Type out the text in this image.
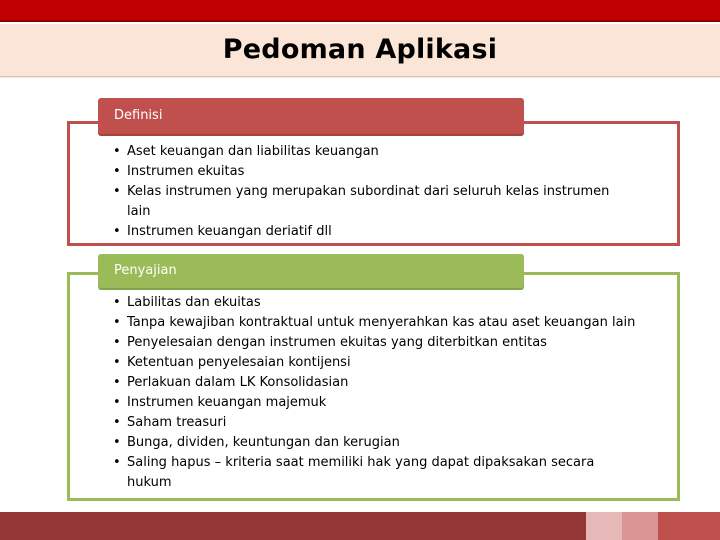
Pedoman Aplikasi
Definisi
• Aset keuangan dan liabilitas keuangan
• Instrumen ekuitas
• Kelas instrumen yang merupakan subordinat dari seluruh kelas instrumen lain
• Instrumen keuangan deriatif dll
Penyajian
• Labilitas dan ekuitas
• Tanpa kewajiban kontraktual untuk menyerahkan kas atau aset keuangan lain
• Penyelesaian dengan instrumen ekuitas yang diterbitkan entitas
• Ketentuan penyelesaian kontijensi
• Perlakuan dalam LK Konsolidasian
• Instrumen keuangan majemuk
• Saham treasuri
• Bunga, dividen, keuntungan dan kerugian
• Saling hapus – kriteria saat memiliki hak yang dapat dipaksakan secara hukum
